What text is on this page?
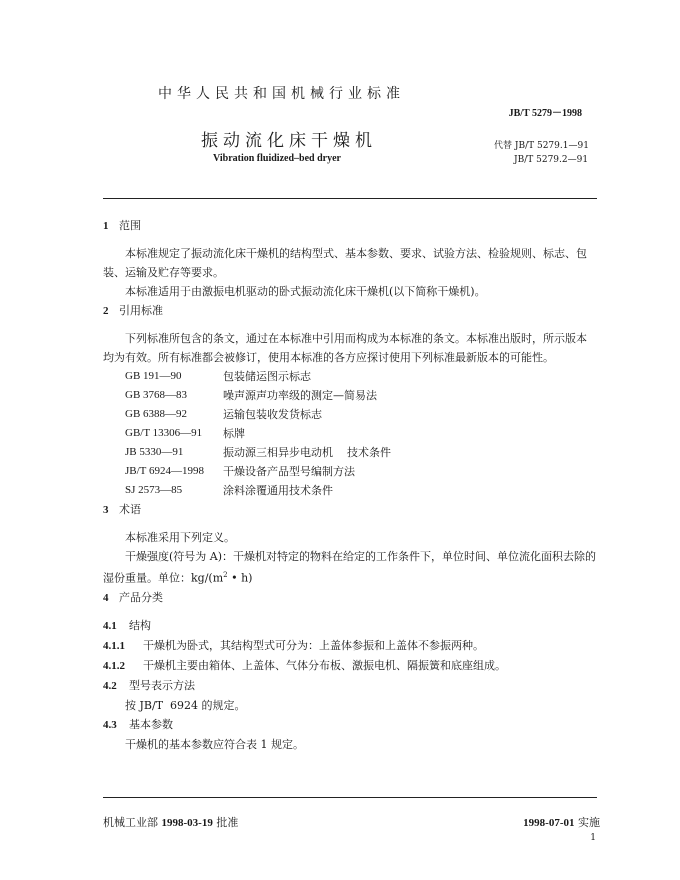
中华人民共和国机械行业标准
JB/T 5279－1998
振动流化床干燥机
Vibration fluidized–bed dryer
代替 JB/T 5279.1—91
JB/T 5279.2—91
1 范围

本标准规定了振动流化床干燥机的结构型式、基本参数、要求、试验方法、检验规则、标志、包装、运输及贮存等要求。

本标准适用于由激振电机驱动的卧式振动流化床干燥机(以下简称干燥机)。

2 引用标准

下列标准所包含的条文，通过在本标准中引用而构成为本标准的条文。本标准出版时，所示版本均为有效。所有标准都会被修订，使用本标准的各方应探讨使用下列标准最新版本的可能性。

GB 191—90	包装储运图示标志
GB 3768—83	噪声源声功率级的测定—简易法
GB 6388—92	运输包装收发货标志
GB/T 13306—91	标牌
JB 5330—91	振动源三相异步电动机    技术条件
JB/T 6924—1998	干燥设备产品型号编制方法
SJ 2573—85	涂料涂覆通用技术条件
3 术语

本标准采用下列定义。

干燥强度(符号为 A)：干燥机对特定的物料在给定的工作条件下，单位时间、单位流化面积去除的湿份重量。单位：$kg/(m^2$ • h)

4 产品分类
4.1 结构
4.1.1 干燥机为卧式，其结构型式可分为：上盖体参振和上盖体不参振两种。
4.1.2 干燥机主要由箱体、上盖体、气体分布板、激振电机、隔振簧和底座组成。
4.2 型号表示方法

按 JB/T  6924 的规定。

4.3 基本参数

干燥机的基本参数应符合表 1 规定。

机械工业部 1998-03-19 批准	1998-07-01 实施
1
